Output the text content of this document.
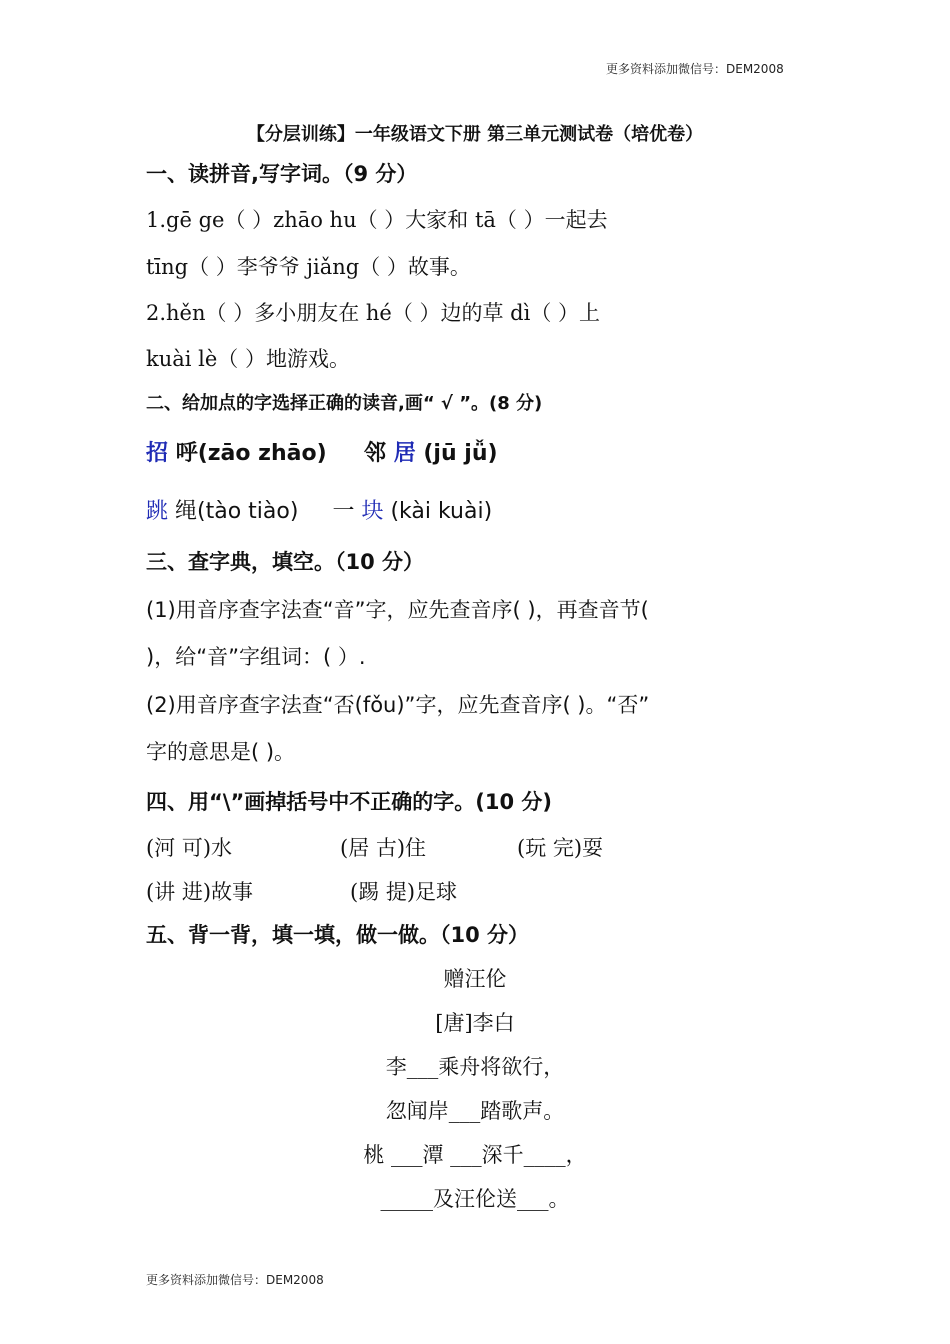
更多资料添加微信号：DEM2008
【分层训练】一年级语文下册 第三单元测试卷（培优卷）
一、读拼音,写字词。（9 分）
1.gē ge（ ）zhāo hu（ ）大家和 tā（ ）一起去
tīng（ ）李爷爷 jiǎng（ ）故事。
2.hěn（ ）多小朋友在 hé（ ）边的草 dì（ ）上
kuài lè（ ）地游戏。
二、给加点的字选择正确的读音,画“ √ ”。(8 分)
招 呼(zāo zhāo) 邻 居 (jū jǚ)
跳 绳(tào tiào) 一 块 (kài kuài)
三、查字典，填空。（10 分）
(1)用音序查字法查“音”字，应先查音序( )，再查音节(
)，给“音”字组词：( ）.
(2)用音序查字法查“否(fǒu)”字，应先查音序( )。“否”
字的意思是( )。
四、用“\”画掉括号中不正确的字。(10 分)
(河 可)水	(居 古)住	(玩 完)耍
(讲 进)故事	(踢 提)足球
五、背一背，填一填，做一做。（10 分）
赠汪伦
[唐]李白
李___乘舟将欲行，
忽闻岸___踏歌声。
桃 ___潭 ___深千____，
_____及汪伦送___。
更多资料添加微信号：DEM2008
